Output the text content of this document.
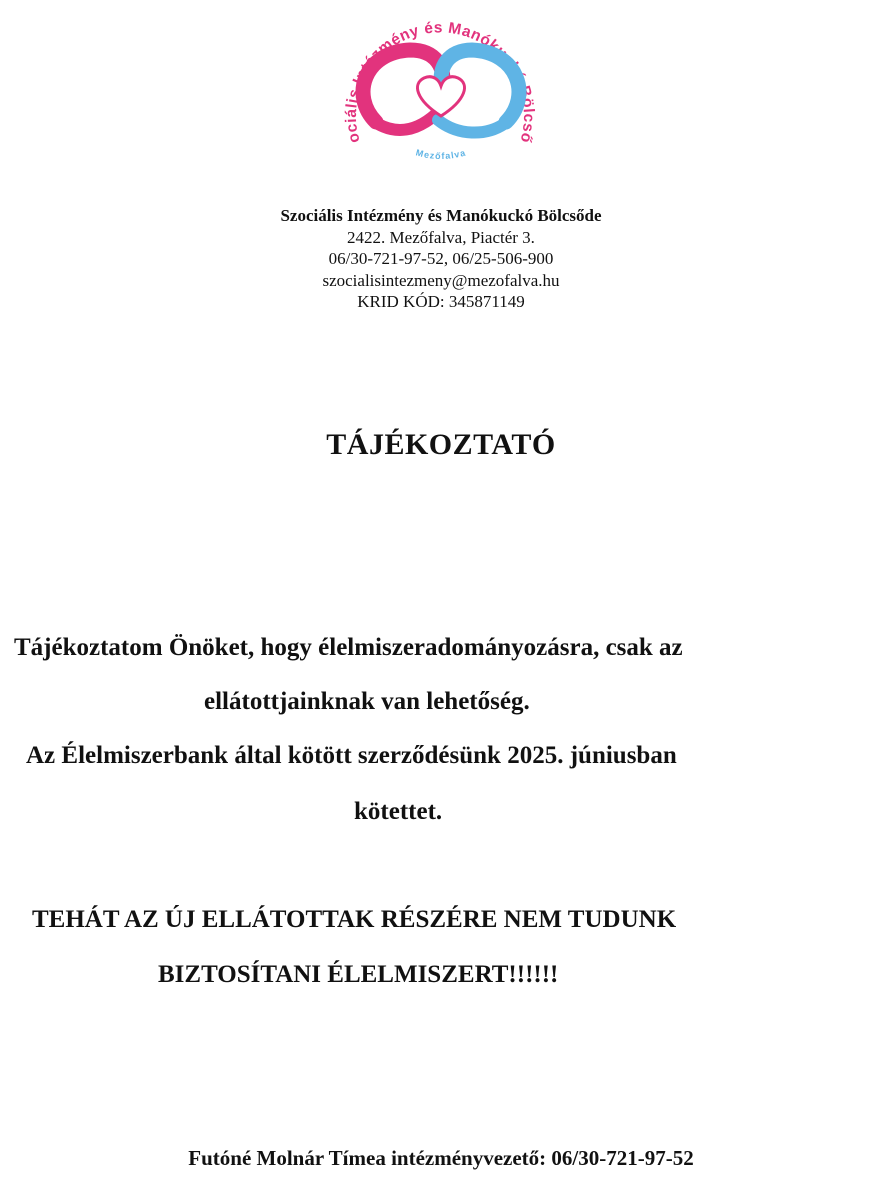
ociális Intézmény és Manókuckó Bölcső
Mezőfalva
Szociális Intézmény és Manókuckó Bölcsőde
2422. Mezőfalva, Piactér 3.
06/30-721-97-52, 06/25-506-900
szocialisintezmeny@mezofalva.hu
KRID KÓD: 345871149
TÁJÉKOZTATÓ
Tájékoztatom Önöket, hogy élelmiszeradományozásra, csak az
ellátottjainknak van lehetőség.
Az Élelmiszerbank által kötött szerződésünk 2025. júniusban
kötettet.
TEHÁT AZ ÚJ ELLÁTOTTAK RÉSZÉRE NEM TUDUNK
BIZTOSÍTANI ÉLELMISZERT!!!!!!
Futóné Molnár Tímea intézményvezető: 06/30-721-97-52
